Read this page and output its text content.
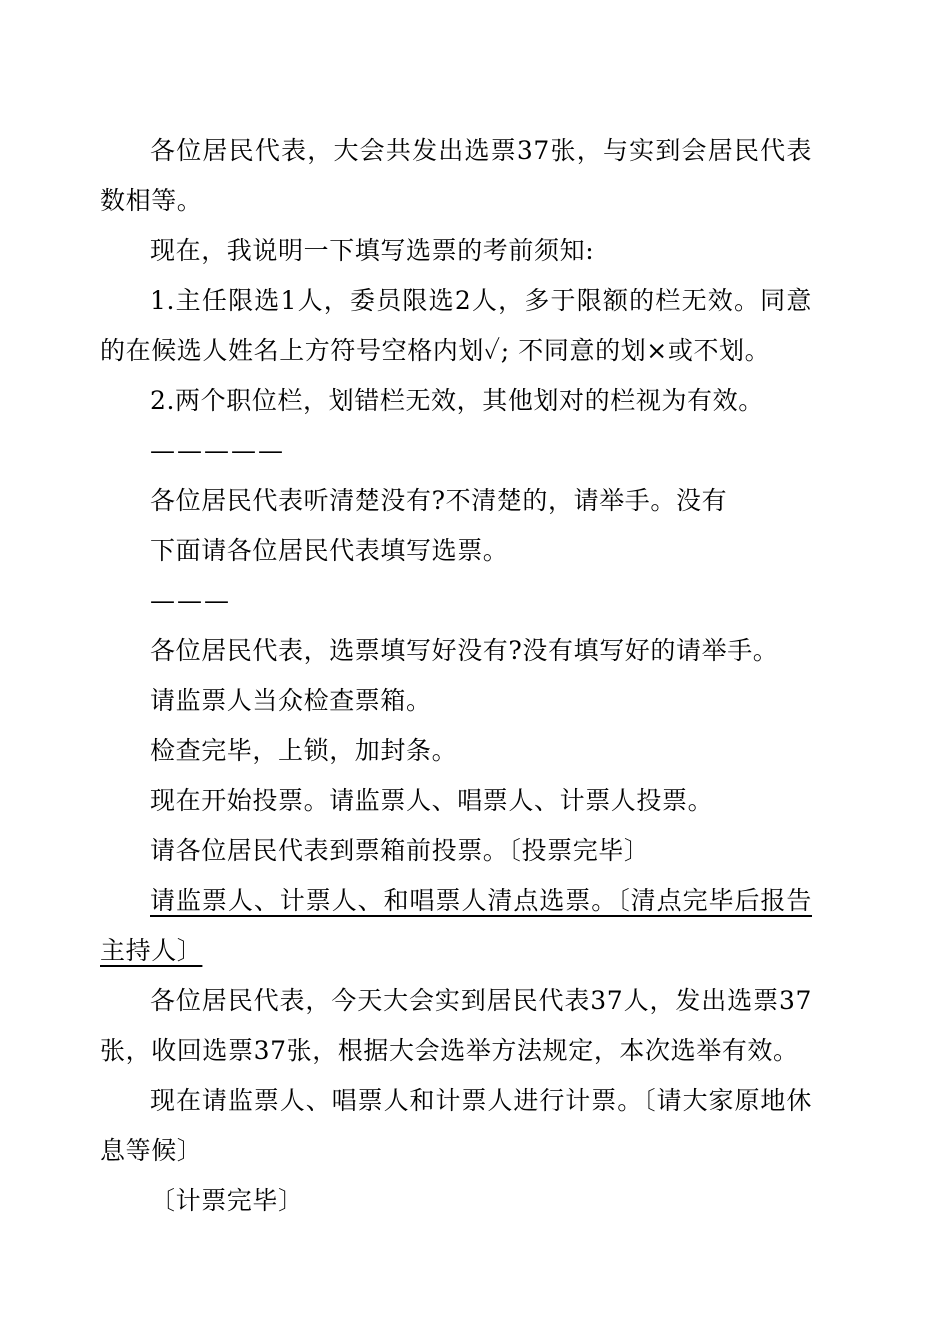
各位居民代表，大会共发出选票37张，与实到会居民代表数相等。

现在，我说明一下填写选票的考前须知:

1.主任限选1人，委员限选2人，多于限额的栏无效。同意的在候选人姓名上方符号空格内划✓; 不同意的划×或不划。

2.两个职位栏，划错栏无效，其他划对的栏视为有效。

—————

各位居民代表听清楚没有?不清楚的，请举手。没有

下面请各位居民代表填写选票。

———

各位居民代表，选票填写好没有?没有填写好的请举手。

请监票人当众检查票箱。

检查完毕，上锁，加封条。

现在开始投票。请监票人、唱票人、计票人投票。

请各位居民代表到票箱前投票。〔投票完毕〕

请监票人、计票人、和唱票人清点选票。〔清点完毕后报告主持人〕

各位居民代表，今天大会实到居民代表37人，发出选票37张，收回选票37张，根据大会选举方法规定，本次选举有效。

现在请监票人、唱票人和计票人进行计票。〔请大家原地休息等候〕

〔计票完毕〕
